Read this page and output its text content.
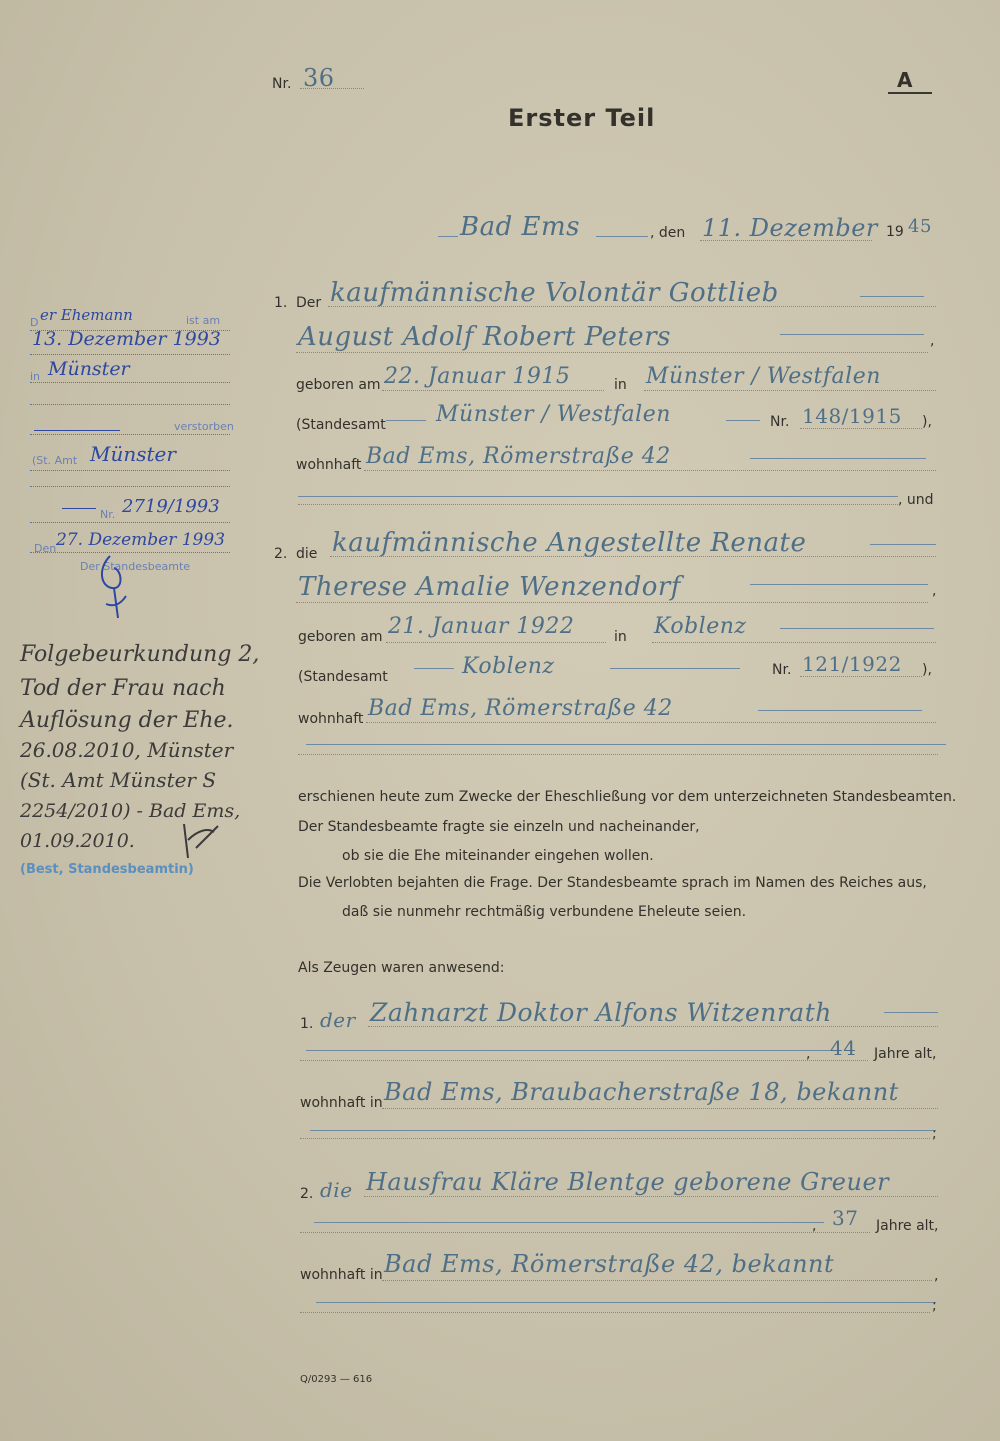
Nr. 36	A
Erster Teil
Bad Ems	, den 11. Dezember 19 45
1. Der kaufmännische Volontär Gottlieb
August Adolf Robert Peters	,
geboren am 22. Januar 1915	in Münster / Westfalen
(Standesamt Münster / Westfalen	Nr. 148/1915 ),
wohnhaft Bad Ems, Römerstraße 42
, und
2. die kaufmännische Angestellte Renate
Therese Amalie Wenzendorf	,
geboren am 21. Januar 1922	in Koblenz
(Standesamt	Koblenz	Nr. 121/1922 ),
wohnhaft Bad Ems, Römerstraße 42
erschienen heute zum Zwecke der Eheschließung vor dem unterzeichneten Standesbeamten.
Der Standesbeamte fragte sie einzeln und nacheinander,
ob sie die Ehe miteinander eingehen wollen.
Die Verlobten bejahten die Frage. Der Standesbeamte sprach im Namen des Reiches aus,
daß sie nunmehr rechtmäßig verbundene Eheleute seien.
Als Zeugen waren anwesend:
1. der Zahnarzt Doktor Alfons Witzenrath
, 44 Jahre alt,
wohnhaft in Bad Ems, Braubacherstraße 18, bekannt
;
2. die Hausfrau Kläre Blentge geborene Greuer
, 37 Jahre alt,
wohnhaft in Bad Ems, Römerstraße 42, bekannt	,
;
Q/0293 — 616
D er Ehemann	ist am
13. Dezember 1993
in Münster
verstorben
(St. Amt Münster
Nr. 2719/1993
Den 27. Dezember 1993
Der Standesbeamte
Folgebeurkundung 2,
Tod der Frau nach
Auflösung der Ehe.
26.08.2010, Münster
(St. Amt Münster S
2254/2010) - Bad Ems,
01.09.2010.
(Best, Standesbeamtin)
